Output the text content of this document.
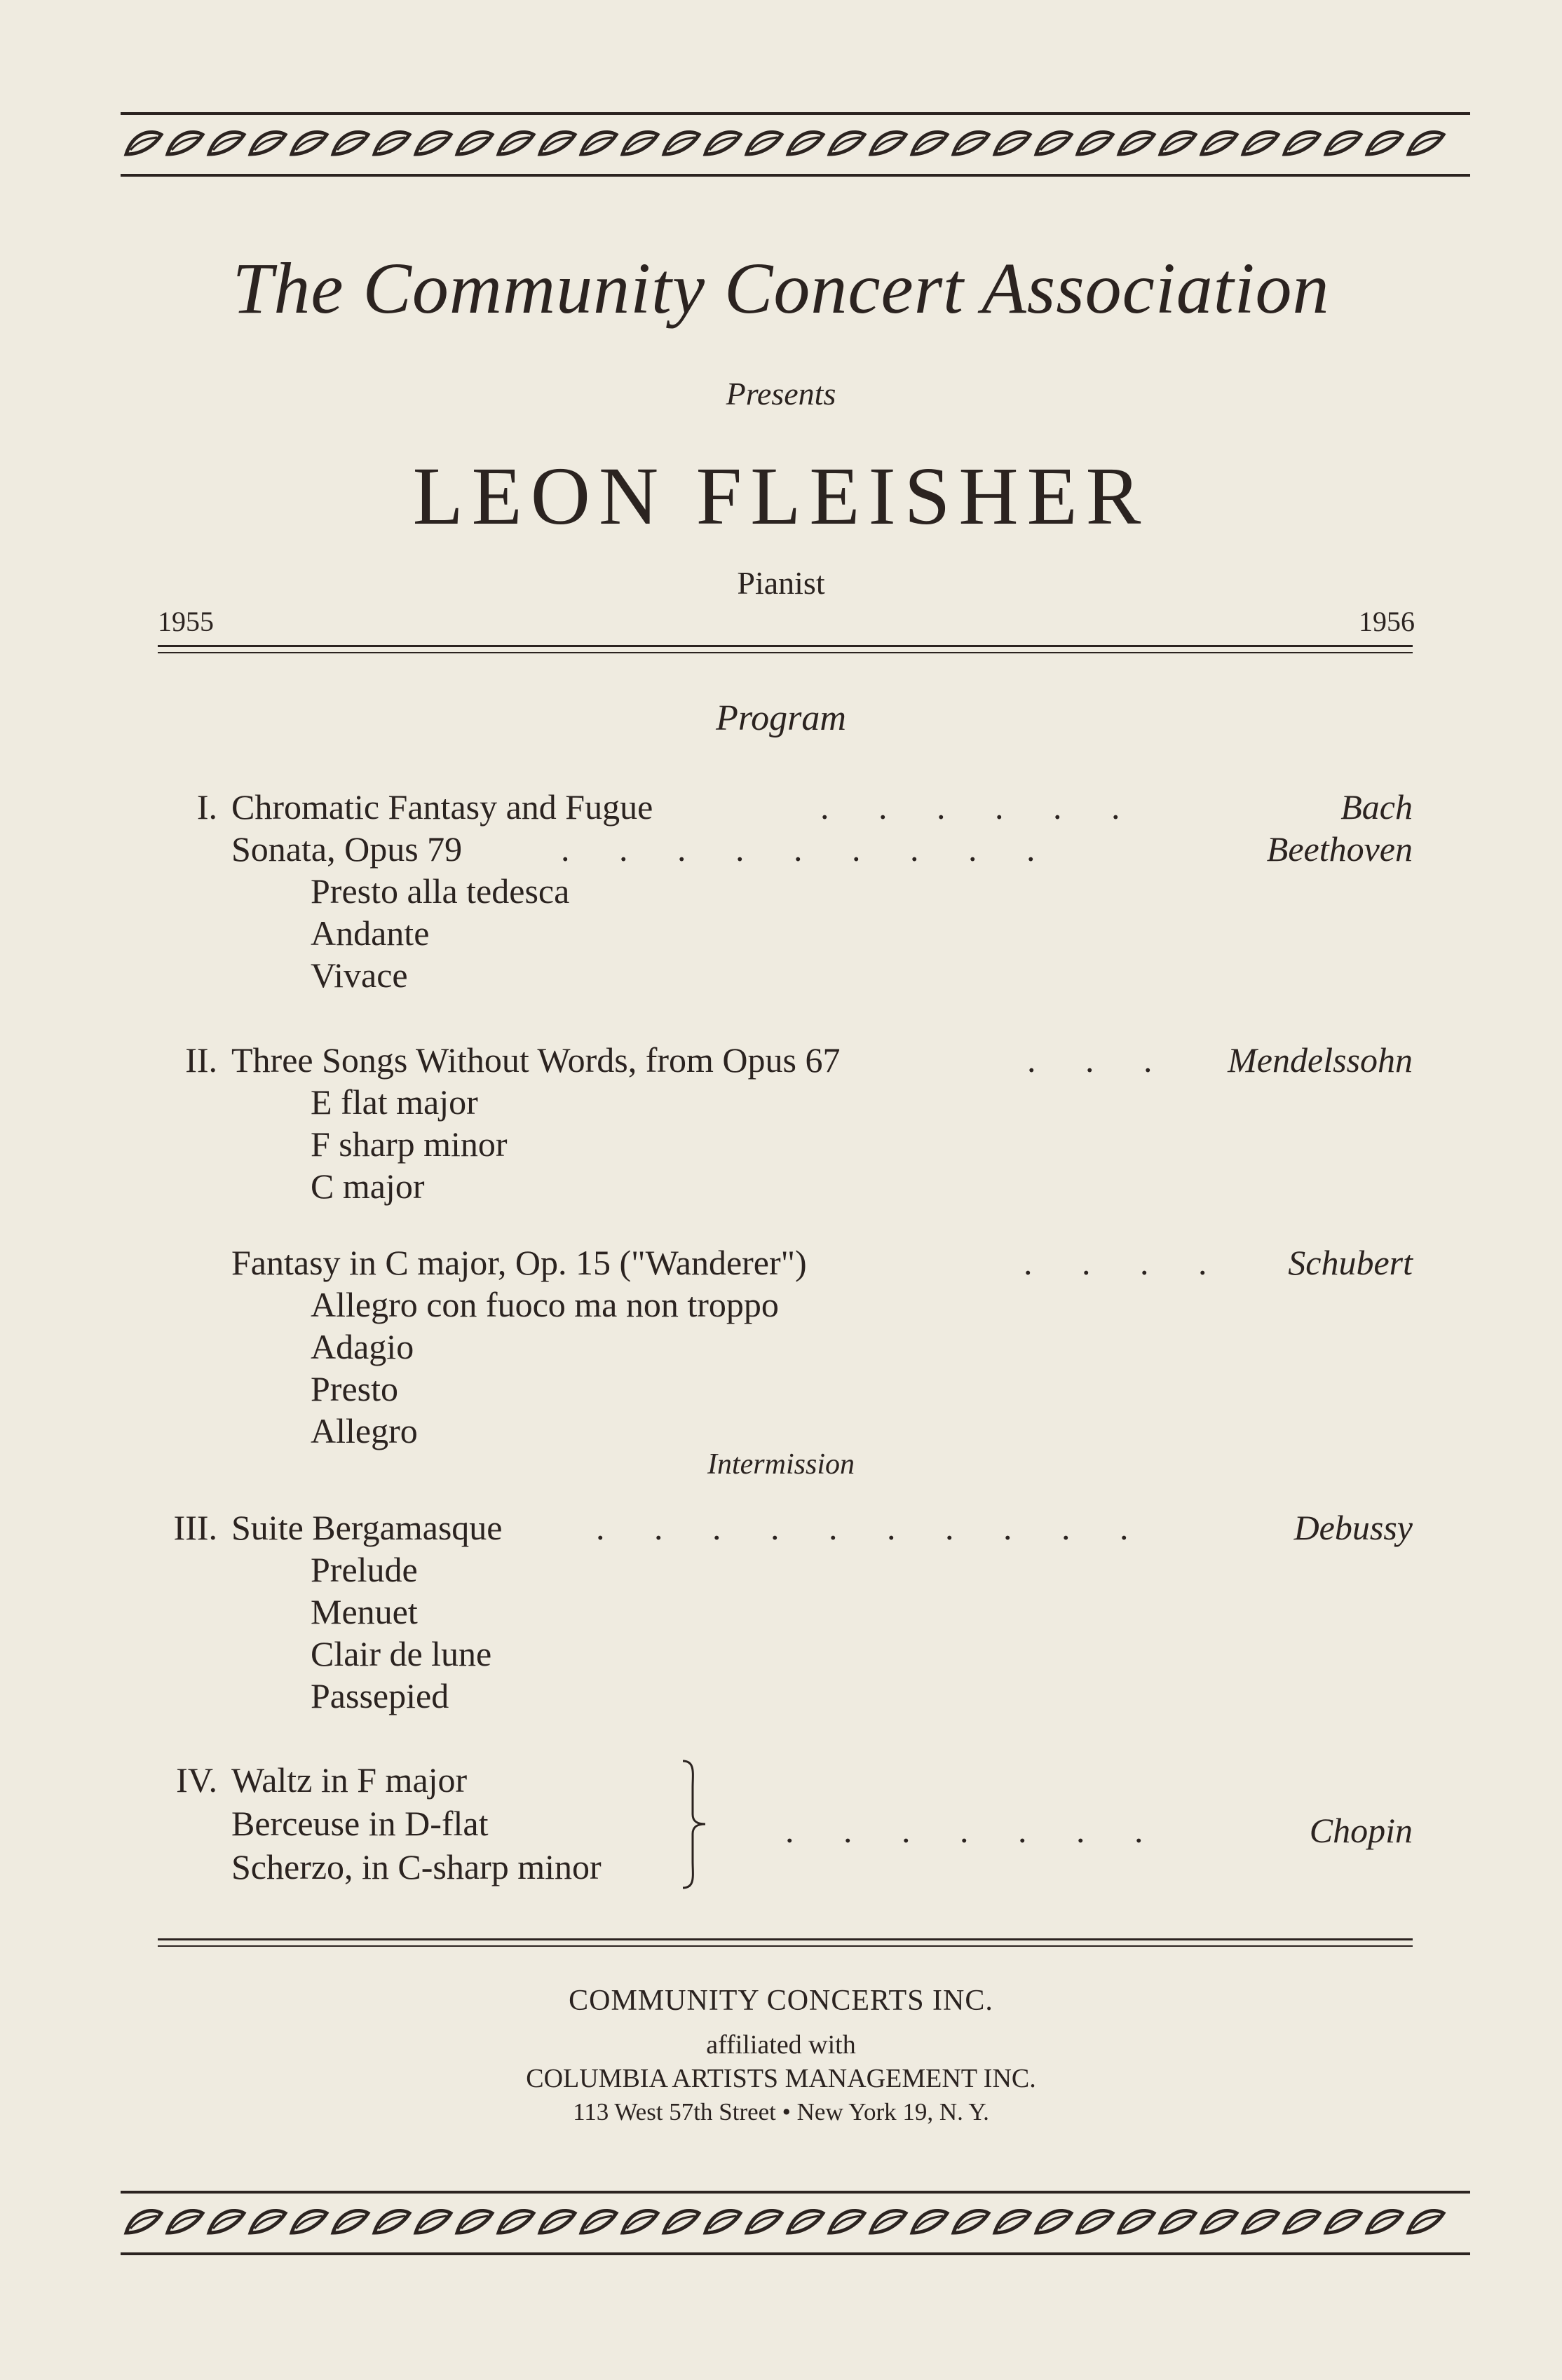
The Community Concert Association
Presents
LEON FLEISHER
Pianist
1955	1956
Program
I. Chromatic Fantasy and Fugue	. . . . . .	Bach
Sonata, Opus 79	. . . . . . . . .	Beethoven
Presto alla tedesca
Andante
Vivace
II. Three Songs Without Words, from Opus 67	. . . Mendelssohn
E flat major
F sharp minor
C major
Fantasy in C major, Op. 15 ("Wanderer")	. . . . Schubert
Allegro con fuoco ma non troppo
Adagio
Presto
Allegro
Intermission
III. Suite Bergamasque	. . . . . . . . . .	Debussy
Prelude
Menuet
Clair de lune
Passepied
IV. Waltz in F major
Berceuse in D-flat
Scherzo, in C-sharp minor
. . . . . . .	Chopin
COMMUNITY CONCERTS INC.
affiliated with
COLUMBIA ARTISTS MANAGEMENT INC.
113 West 57th Street • New York 19, N. Y.
